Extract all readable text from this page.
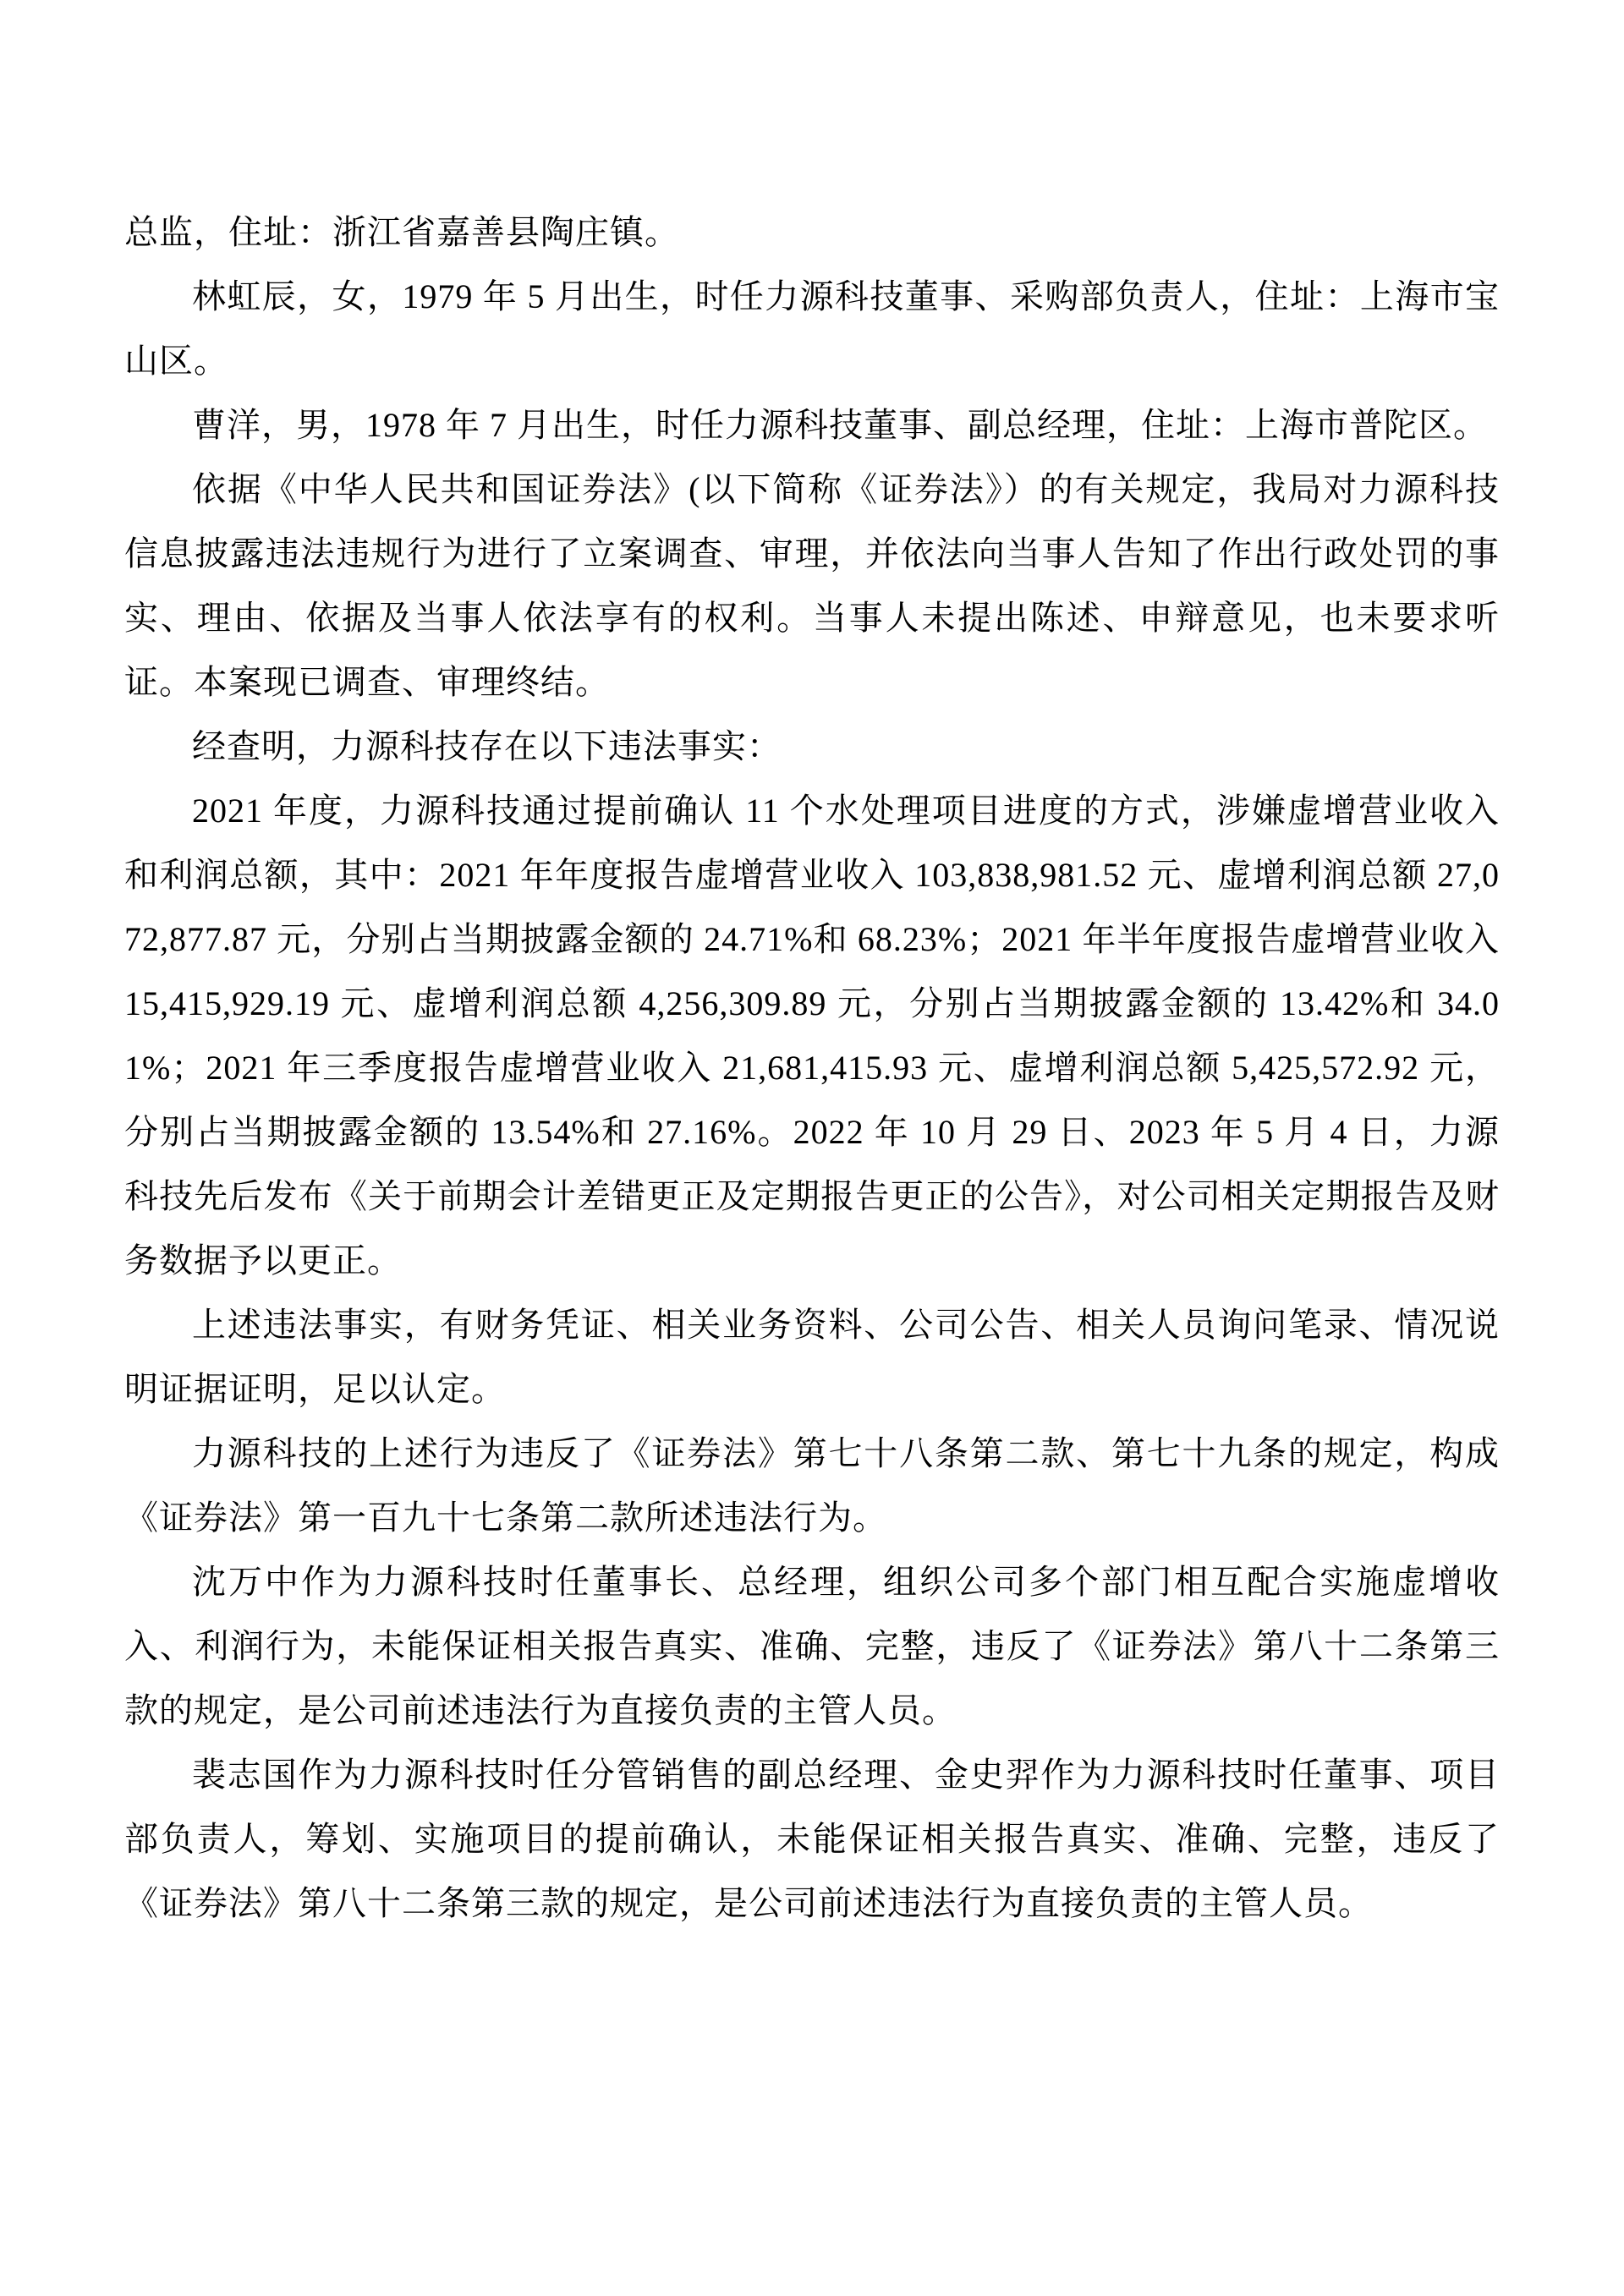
总监，住址：浙江省嘉善县陶庄镇。

林虹辰，女，1979 年 5 月出生，时任力源科技董事、采购部负责人，住址：上海市宝山区。

曹洋，男，1978 年 7 月出生，时任力源科技董事、副总经理，住址：上海市普陀区。

依据《中华人民共和国证券法》(以下简称《证券法》）的有关规定，我局对力源科技信息披露违法违规行为进行了立案调查、审理，并依法向当事人告知了作出行政处罚的事实、理由、依据及当事人依法享有的权利。当事人未提出陈述、申辩意见，也未要求听证。本案现已调查、审理终结。

经查明，力源科技存在以下违法事实：

2021 年度，力源科技通过提前确认 11 个水处理项目进度的方式，涉嫌虚增营业收入和利润总额，其中：2021 年年度报告虚增营业收入 103,838,981.52 元、虚增利润总额 27,072,877.87 元，分别占当期披露金额的 24.71%和 68.23%；2021 年半年度报告虚增营业收入 15,415,929.19 元、虚增利润总额 4,256,309.89 元，分别占当期披露金额的 13.42%和 34.01%；2021 年三季度报告虚增营业收入 21,681,415.93 元、虚增利润总额 5,425,572.92 元，分别占当期披露金额的 13.54%和 27.16%。2022 年 10 月 29 日、2023 年 5 月 4 日，力源科技先后发布《关于前期会计差错更正及定期报告更正的公告》，对公司相关定期报告及财务数据予以更正。

上述违法事实，有财务凭证、相关业务资料、公司公告、相关人员询问笔录、情况说明证据证明，足以认定。

力源科技的上述行为违反了《证券法》第七十八条第二款、第七十九条的规定，构成《证券法》第一百九十七条第二款所述违法行为。

沈万中作为力源科技时任董事长、总经理，组织公司多个部门相互配合实施虚增收入、利润行为，未能保证相关报告真实、准确、完整，违反了《证券法》第八十二条第三款的规定，是公司前述违法行为直接负责的主管人员。

裴志国作为力源科技时任分管销售的副总经理、金史羿作为力源科技时任董事、项目部负责人，筹划、实施项目的提前确认，未能保证相关报告真实、准确、完整，违反了《证券法》第八十二条第三款的规定，是公司前述违法行为直接负责的主管人员。
